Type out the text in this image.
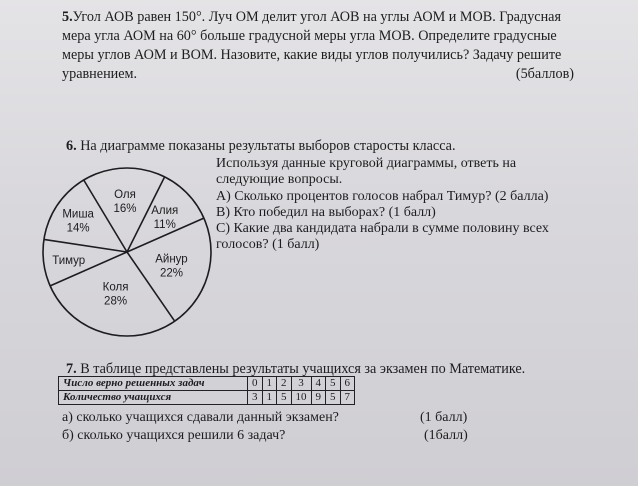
5.Угол АОВ равен 150°. Луч ОМ делит угол АОВ на углы АОМ и МОВ. Градусная
мера угла АОМ на 60° больше градусной меры угла МОВ. Определите градусные
меры углов АОМ и ВОМ. Назовите, какие виды углов получились? Задачу решите
уравнением.	(5баллов)
6. На диаграмме показаны результаты выборов старосты класса.
Оля
16% Алия
11%
Айнур
22%
Коля
28%
Тимур
Миша
14%
Используя данные круговой диаграммы, ответь на
следующие вопросы.
А) Сколько процентов голосов набрал Тимур? (2 балла)
В) Кто победил на выборах? (1 балл)
С) Какие два кандидата набрали в сумме половину всех
голосов? (1 балл)
7. В таблице представлены результаты учащихся за экзамен по Математике.
Число верно решенных задач	0	1	2	3	4	5	6
Количество учащихся	3	1	5	10	9	5	7
а) сколько учащихся сдавали данный экзамен?	(1 балл)
б) сколько учащихся решили 6 задач?	(1балл)
